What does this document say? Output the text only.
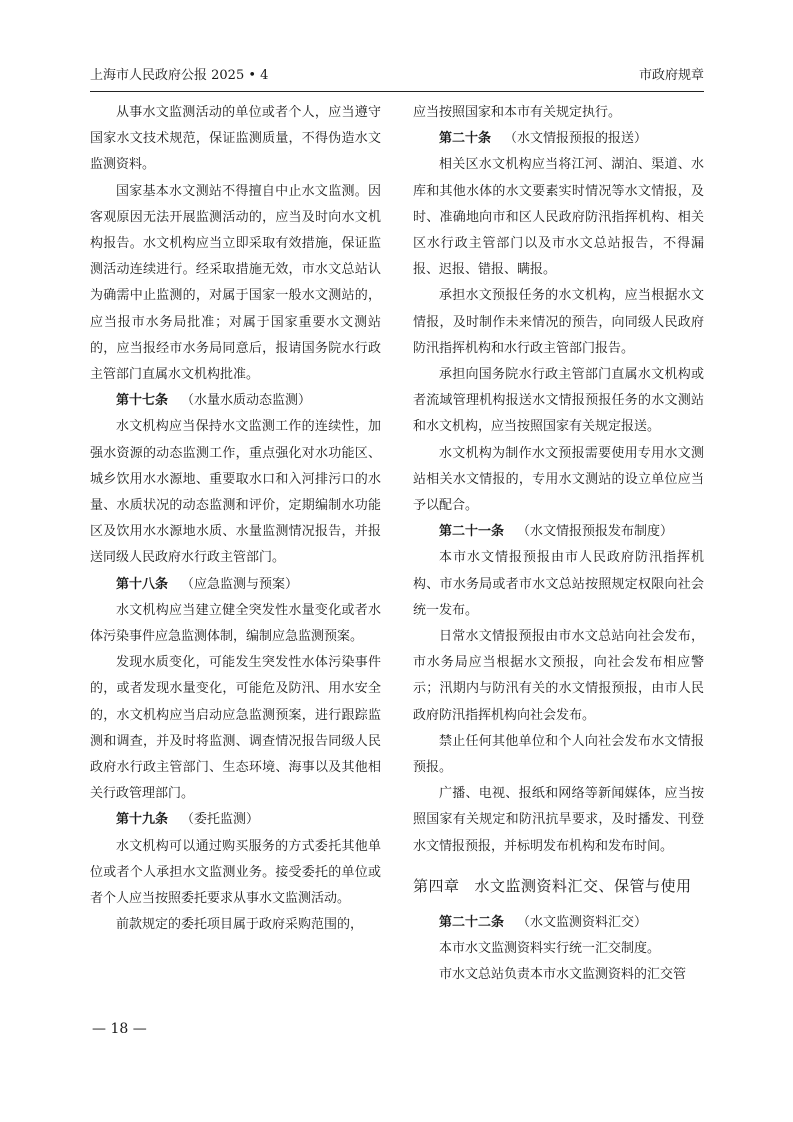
上海市人民政府公报 2025 • 4	市政府规章

从事水文监测活动的单位或者个人，应当遵守国家水文技术规范，保证监测质量，不得伪造水文监测资料。

国家基本水文测站不得擅自中止水文监测。因客观原因无法开展监测活动的，应当及时向水文机构报告。水文机构应当立即采取有效措施，保证监测活动连续进行。经采取措施无效，市水文总站认为确需中止监测的，对属于国家一般水文测站的，应当报市水务局批准；对属于国家重要水文测站的，应当报经市水务局同意后，报请国务院水行政主管部门直属水文机构批准。

第十七条 （水量水质动态监测）

水文机构应当保持水文监测工作的连续性，加强水资源的动态监测工作，重点强化对水功能区、城乡饮用水水源地、重要取水口和入河排污口的水量、水质状况的动态监测和评价，定期编制水功能区及饮用水水源地水质、水量监测情况报告，并报送同级人民政府水行政主管部门。

第十八条 （应急监测与预案）

水文机构应当建立健全突发性水量变化或者水体污染事件应急监测体制，编制应急监测预案。

发现水质变化，可能发生突发性水体污染事件的，或者发现水量变化，可能危及防汛、用水安全的，水文机构应当启动应急监测预案，进行跟踪监测和调查，并及时将监测、调查情况报告同级人民政府水行政主管部门、生态环境、海事以及其他相关行政管理部门。

第十九条 （委托监测）

水文机构可以通过购买服务的方式委托其他单位或者个人承担水文监测业务。接受委托的单位或者个人应当按照委托要求从事水文监测活动。

前款规定的委托项目属于政府采购范围的，

应当按照国家和本市有关规定执行。

第二十条 （水文情报预报的报送）

相关区水文机构应当将江河、湖泊、渠道、水库和其他水体的水文要素实时情况等水文情报，及时、准确地向市和区人民政府防汛指挥机构、相关区水行政主管部门以及市水文总站报告，不得漏报、迟报、错报、瞒报。

承担水文预报任务的水文机构，应当根据水文情报，及时制作未来情况的预告，向同级人民政府防汛指挥机构和水行政主管部门报告。

承担向国务院水行政主管部门直属水文机构或者流域管理机构报送水文情报预报任务的水文测站和水文机构，应当按照国家有关规定报送。

水文机构为制作水文预报需要使用专用水文测站相关水文情报的，专用水文测站的设立单位应当予以配合。

第二十一条 （水文情报预报发布制度）

本市水文情报预报由市人民政府防汛指挥机构、市水务局或者市水文总站按照规定权限向社会统一发布。

日常水文情报预报由市水文总站向社会发布，市水务局应当根据水文预报，向社会发布相应警示；汛期内与防汛有关的水文情报预报，由市人民政府防汛指挥机构向社会发布。

禁止任何其他单位和个人向社会发布水文情报预报。

广播、电视、报纸和网络等新闻媒体，应当按照国家有关规定和防汛抗旱要求，及时播发、刊登水文情报预报，并标明发布机构和发布时间。

第四章 水文监测资料汇交、保管与使用

第二十二条 （水文监测资料汇交）

本市水文监测资料实行统一汇交制度。

市水文总站负责本市水文监测资料的汇交管

— 18 —
